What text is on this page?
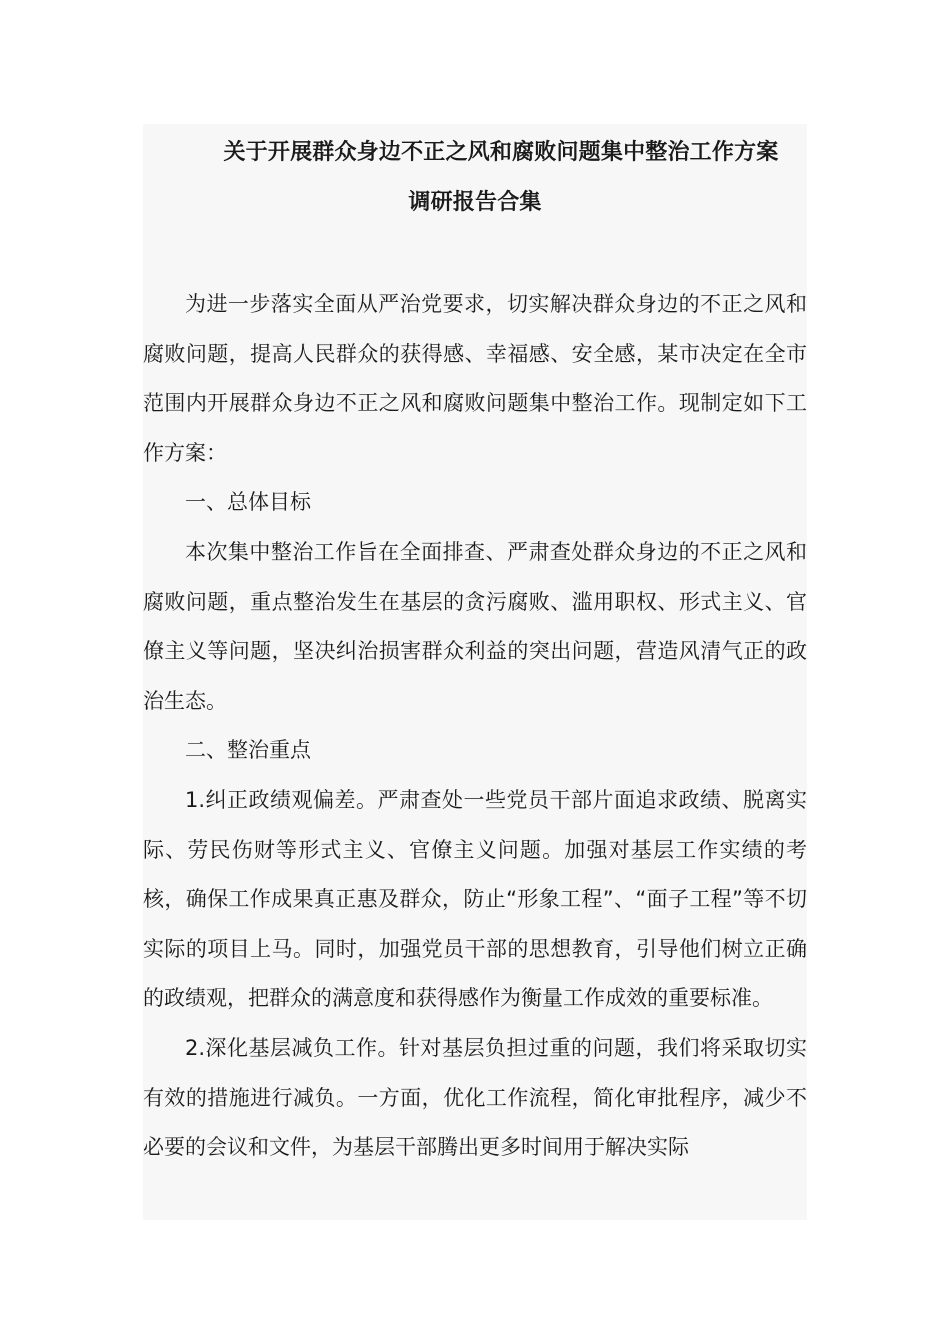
关于开展群众身边不正之风和腐败问题集中整治工作方案
调研报告合集

为进一步落实全面从严治党要求，切实解决群众身边的不正之风和腐败问题，提高人民群众的获得感、幸福感、安全感，某市决定在全市范围内开展群众身边不正之风和腐败问题集中整治工作。现制定如下工作方案：

一、总体目标

本次集中整治工作旨在全面排查、严肃查处群众身边的不正之风和腐败问题，重点整治发生在基层的贪污腐败、滥用职权、形式主义、官僚主义等问题，坚决纠治损害群众利益的突出问题，营造风清气正的政治生态。

二、整治重点

1.纠正政绩观偏差。严肃查处一些党员干部片面追求政绩、脱离实际、劳民伤财等形式主义、官僚主义问题。加强对基层工作实绩的考核，确保工作成果真正惠及群众，防止“形象工程”、“面子工程”等不切实际的项目上马。同时，加强党员干部的思想教育，引导他们树立正确的政绩观，把群众的满意度和获得感作为衡量工作成效的重要标准。

2.深化基层减负工作。针对基层负担过重的问题，我们将采取切实有效的措施进行减负。一方面，优化工作流程，简化审批程序，减少不必要的会议和文件，为基层干部腾出更多时间用于解决实际
